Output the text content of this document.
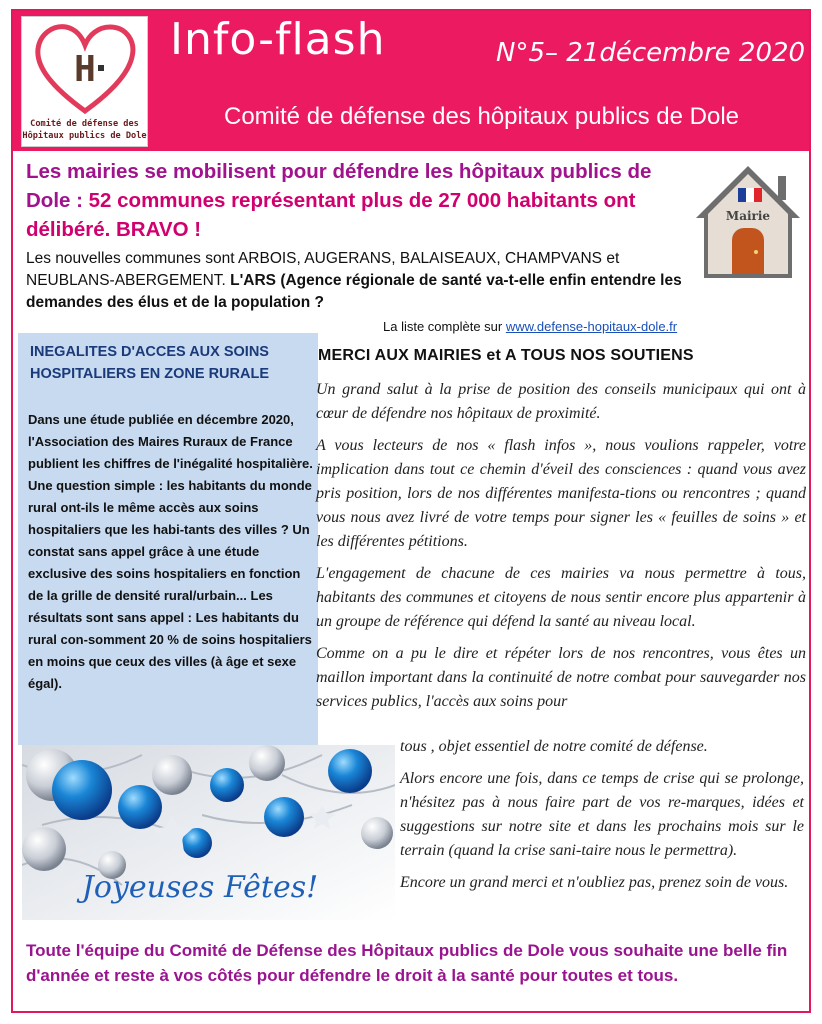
H
Comité de défense des
Hôpitaux publics de Dole
Info-flash	N°5– 21décembre 2020
Comité de défense des hôpitaux publics de Dole
Les mairies se mobilisent pour défendre les hôpitaux publics de Dole : 52 communes représentant plus de 27 000 habitants ont délibéré. BRAVO !
Mairie
Les nouvelles communes sont ARBOIS, AUGERANS, BALAISEAUX, CHAMPVANS et NEUBLANS-ABERGEMENT. L'ARS (Agence régionale de santé va-t-elle enfin entendre les demandes des élus et de la population ?
La liste complète sur www.defense-hopitaux-dole.fr
INEGALITES D'ACCES AUX SOINS HOSPITALIERS EN ZONE RURALE

Dans une étude publiée en décembre 2020, l'Association des Maires Ruraux de France publient les chiffres de l'inégalité hospitalière. Une question simple : les habitants du monde rural ont-ils le même accès aux soins hospitaliers que les habi-tants des villes ? Un constat sans appel grâce à une étude exclusive des soins hospitaliers en fonction de la grille de densité rural/urbain... Les résultats sont sans appel : Les habitants du rural con-somment 20 % de soins hospitaliers en moins que ceux des villes (à âge et sexe égal).

MERCI AUX MAIRIES et A TOUS NOS SOUTIENS

Un grand salut à la prise de position des conseils municipaux qui ont à cœur de défendre nos hôpitaux de proximité.

A vous lecteurs de nos « flash infos », nous voulions rappeler, votre implication dans tout ce chemin d'éveil des consciences : quand vous avez pris position, lors de nos différentes manifesta-tions ou rencontres ; quand vous nous avez livré de votre temps pour signer les « feuilles de soins » et les différentes pétitions.

L'engagement de chacune de ces mairies va nous permettre à tous, habitants des communes et citoyens de nous sentir encore plus appartenir à un groupe de référence qui défend la santé au niveau local.

Comme on a pu le dire et répéter lors de nos rencontres, vous êtes un maillon important dans la continuité de notre combat pour sauvegarder nos services publics, l'accès aux soins pour

tous , objet essentiel de notre comité de défense.

Alors encore une fois, dans ce temps de crise qui se prolonge, n'hésitez pas à nous faire part de vos re-marques, idées et suggestions sur notre site et dans les prochains mois sur le terrain (quand la crise sani-taire nous le permettra).

Encore un grand merci et n'oubliez pas, prenez soin de vous.

Joyeuses Fêtes!
Toute l'équipe du Comité de Défense des Hôpitaux publics de Dole vous souhaite une belle fin d'année et reste à vos côtés pour défendre le droit à la santé pour toutes et tous.
